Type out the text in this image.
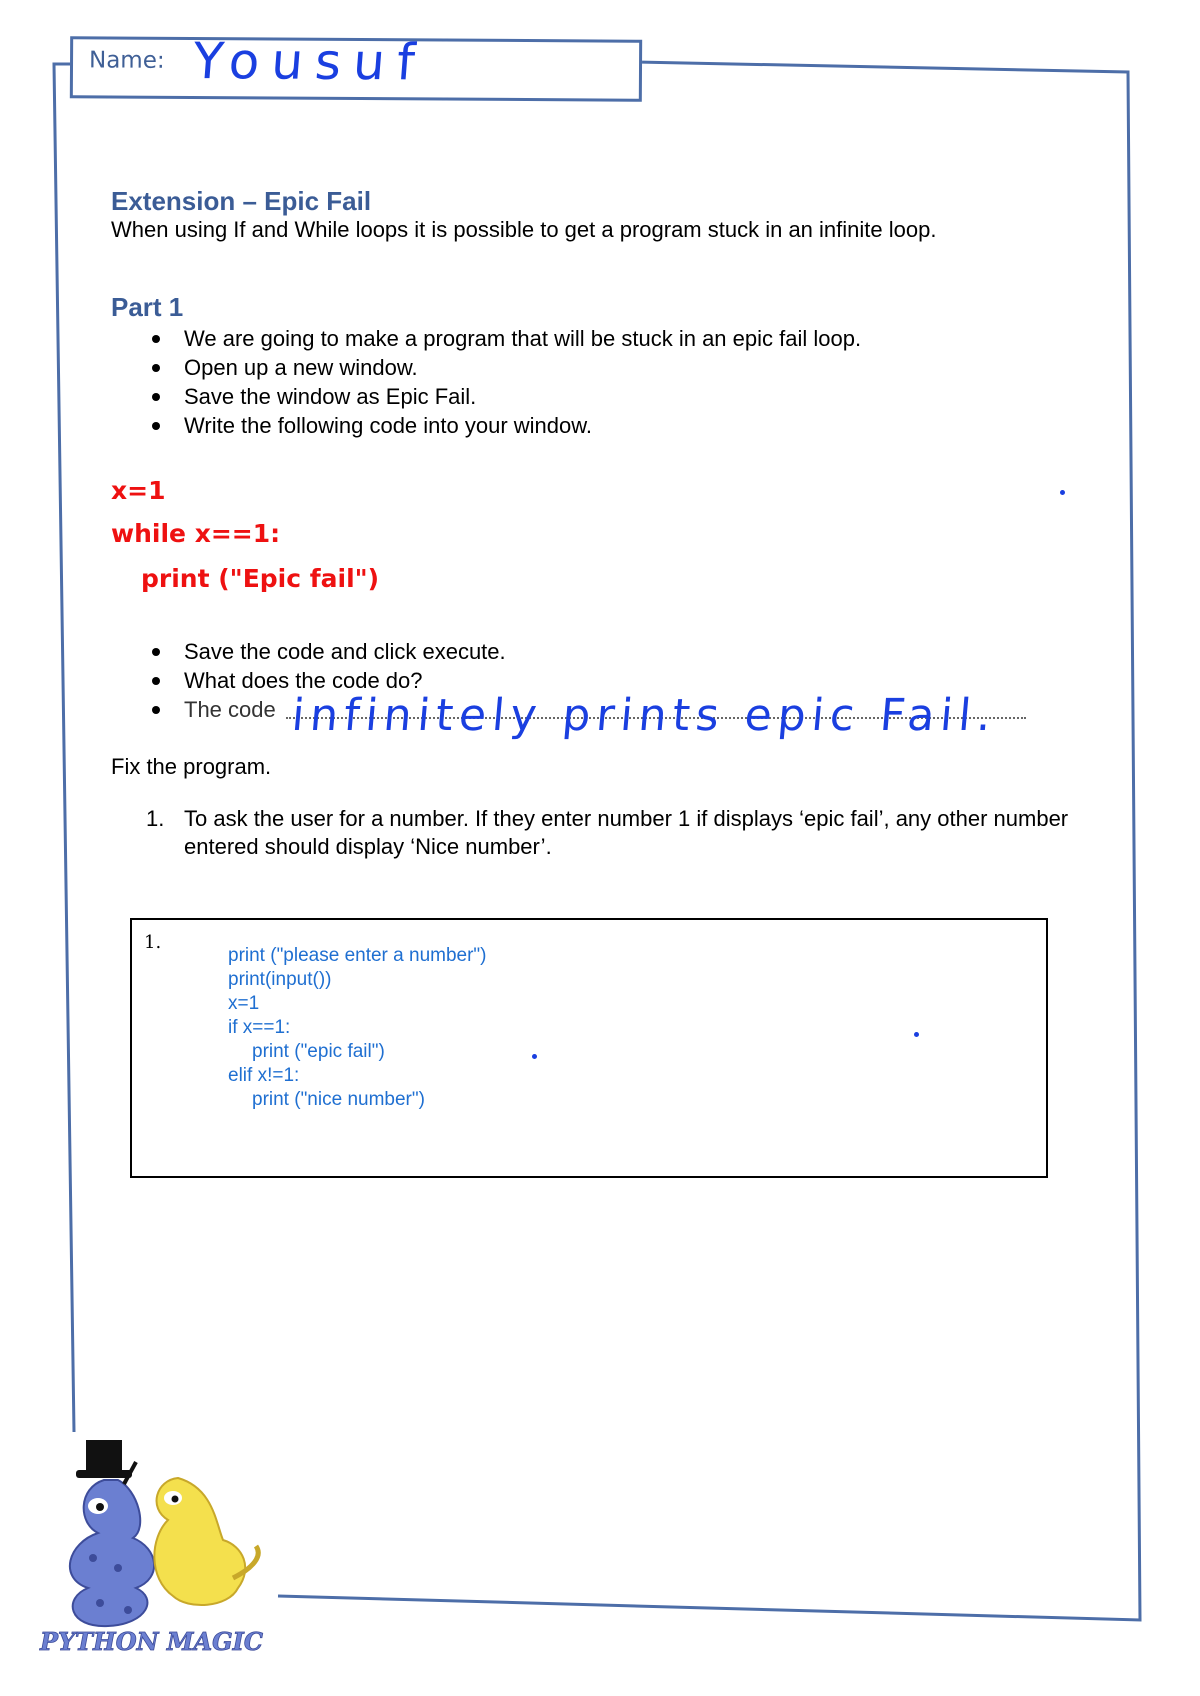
Name: Yousuf
Extension – Epic Fail
When using If and While loops it is possible to get a program stuck in an infinite loop.
Part 1
We are going to make a program that will be stuck in an epic fail loop.
Open up a new window.
Save the window as Epic Fail.
Write the following code into your window.
x=1
while x==1:
print ("Epic fail")
Save the code and click execute.
What does the code do?
The code infinitely prints epic Fail.
Fix the program.
1. To ask the user for a number. If they enter number 1 if displays ‘epic fail’, any other number entered should display ‘Nice number’.
1.
print ("please enter a number")
print(input())
x=1
if x==1:
print ("epic fail")
elif x!=1:
print ("nice number")
PYTHON MAGIC
